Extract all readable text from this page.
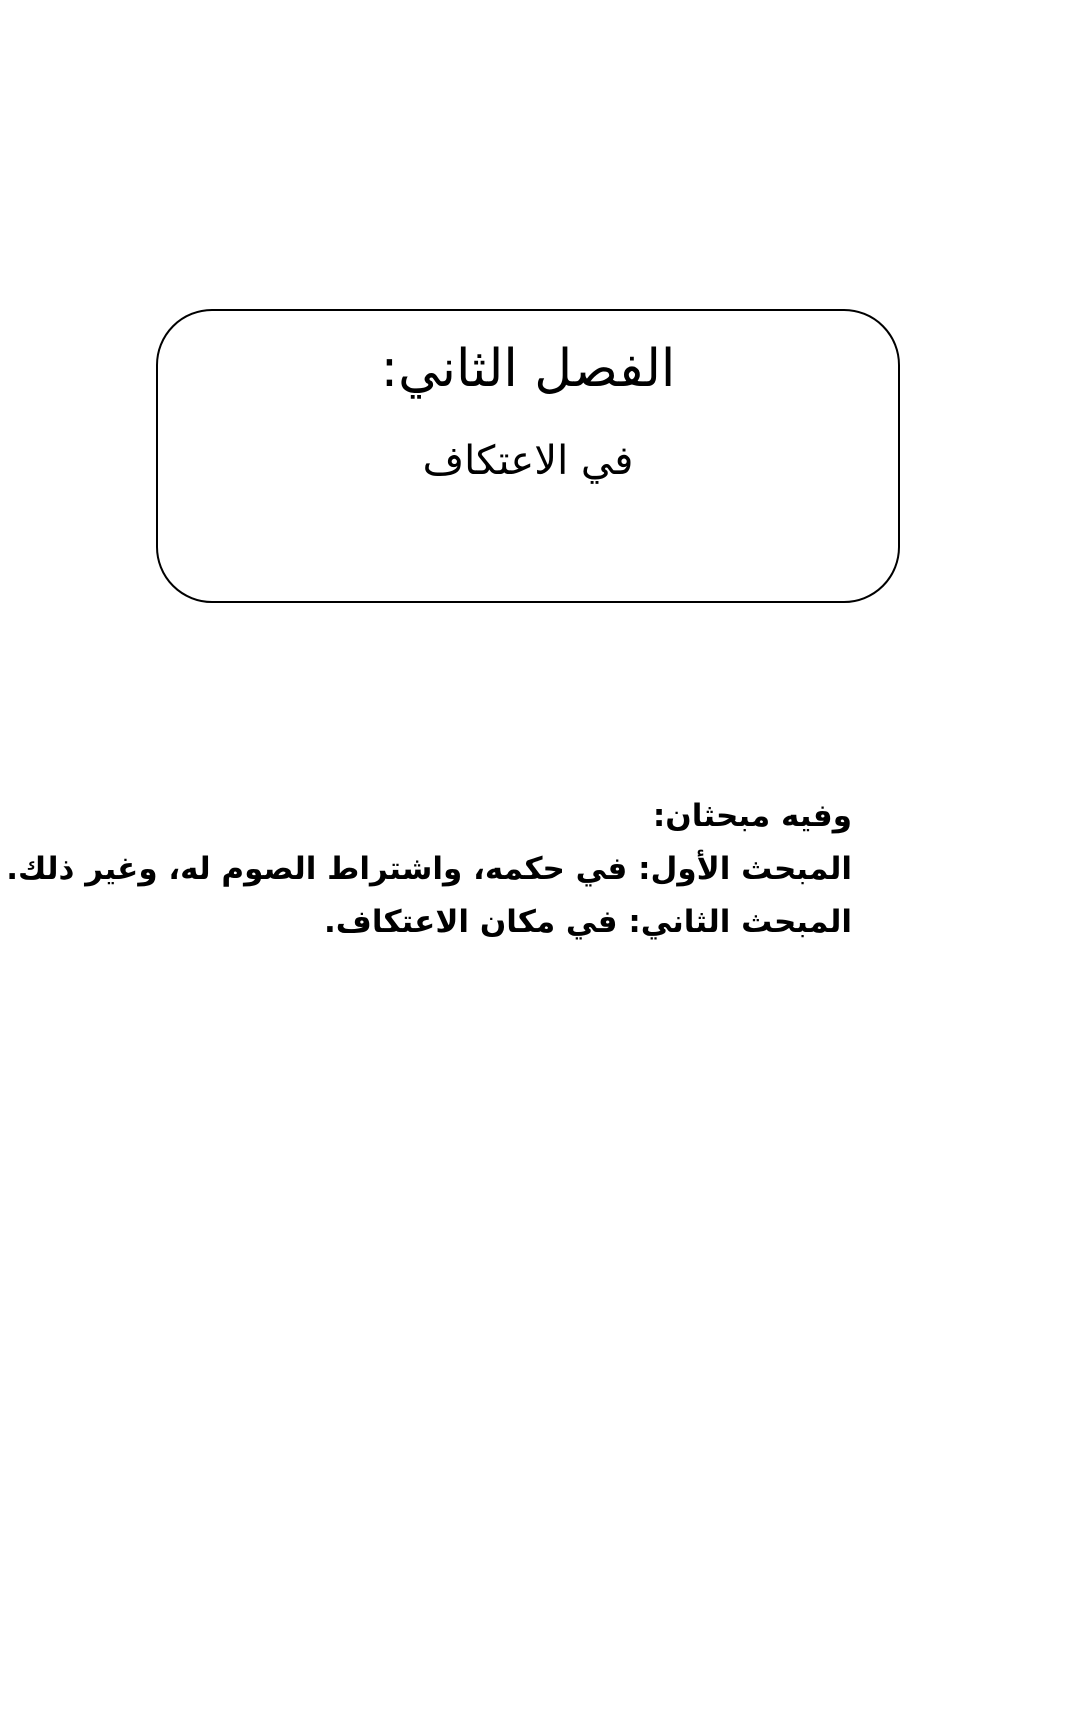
الفصل الثاني:
في الاعتكاف
وفيه مبحثان:
المبحث الأول: في حكمه، واشتراط الصوم له، وغير ذلك.
المبحث الثاني: في مكان الاعتكاف.
